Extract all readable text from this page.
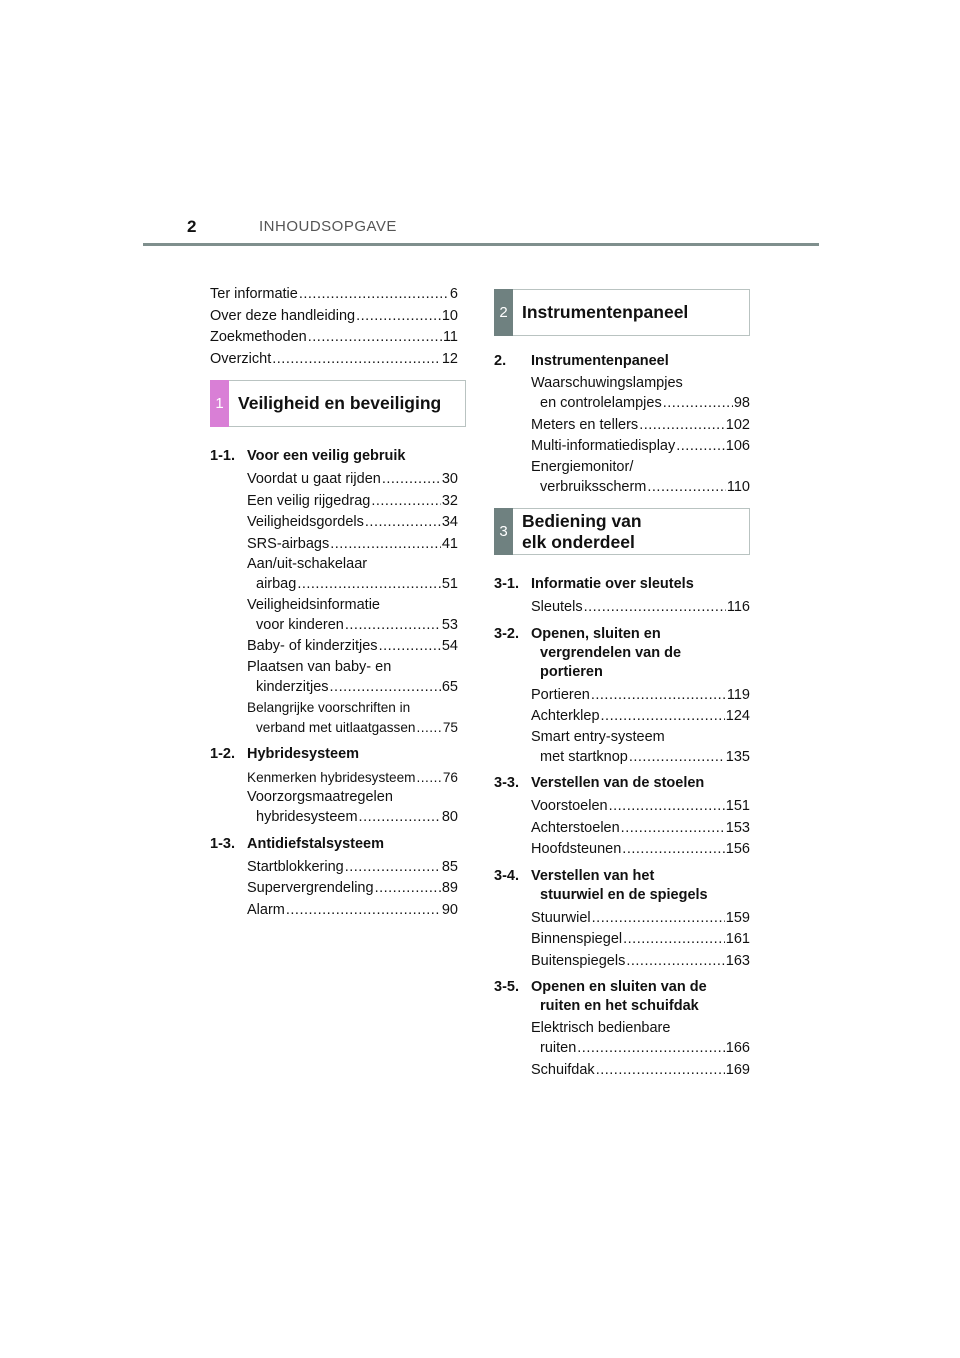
2	INHOUDSOPGAVE
Ter informatie .....	6
Over deze handleiding .....	10
Zoekmethoden .....	11
Overzicht .....	12
1 Veiligheid en beveiliging
1-1. Voor een veilig gebruik
Voordat u gaat rijden .....	30
Een veilig rijgedrag .....	32
Veiligheidsgordels .....	34
SRS-airbags .....	41
Aan/uit-schakelaar
airbag .....	51
Veiligheidsinformatie
voor kinderen .....	53
Baby- of kinderzitjes .....	54
Plaatsen van baby- en
kinderzitjes .....	65
Belangrijke voorschriften in
verband met uitlaatgassen ..... 75
1-2. Hybridesysteem
Kenmerken hybridesysteem ..... 76
Voorzorgsmaatregelen
hybridesysteem .....	80
1-3. Antidiefstalsysteem
Startblokkering .....	85
Supervergrendeling .....	89
Alarm .....	90
2 Instrumentenpaneel
2.	Instrumentenpaneel
Waarschuwingslampjes
en controlelampjes .....	98
Meters en tellers .....	102
Multi-informatiedisplay .....	106
Energiemonitor/
verbruiksscherm .....	110
3
Bediening van
elk onderdeel
3-1. Informatie over sleutels
Sleutels .....	116
3-2. Openen, sluiten en
vergrendelen van de
portieren
Portieren .....	119
Achterklep .....	124
Smart entry-systeem
met startknop .....	135
3-3. Verstellen van de stoelen
Voorstoelen .....	151
Achterstoelen .....	153
Hoofdsteunen .....	156
3-4. Verstellen van het
stuurwiel en de spiegels
Stuurwiel .....	159
Binnenspiegel .....	161
Buitenspiegels .....	163
3-5. Openen en sluiten van de
ruiten en het schuifdak
Elektrisch bedienbare
ruiten .....	166
Schuifdak .....	169
